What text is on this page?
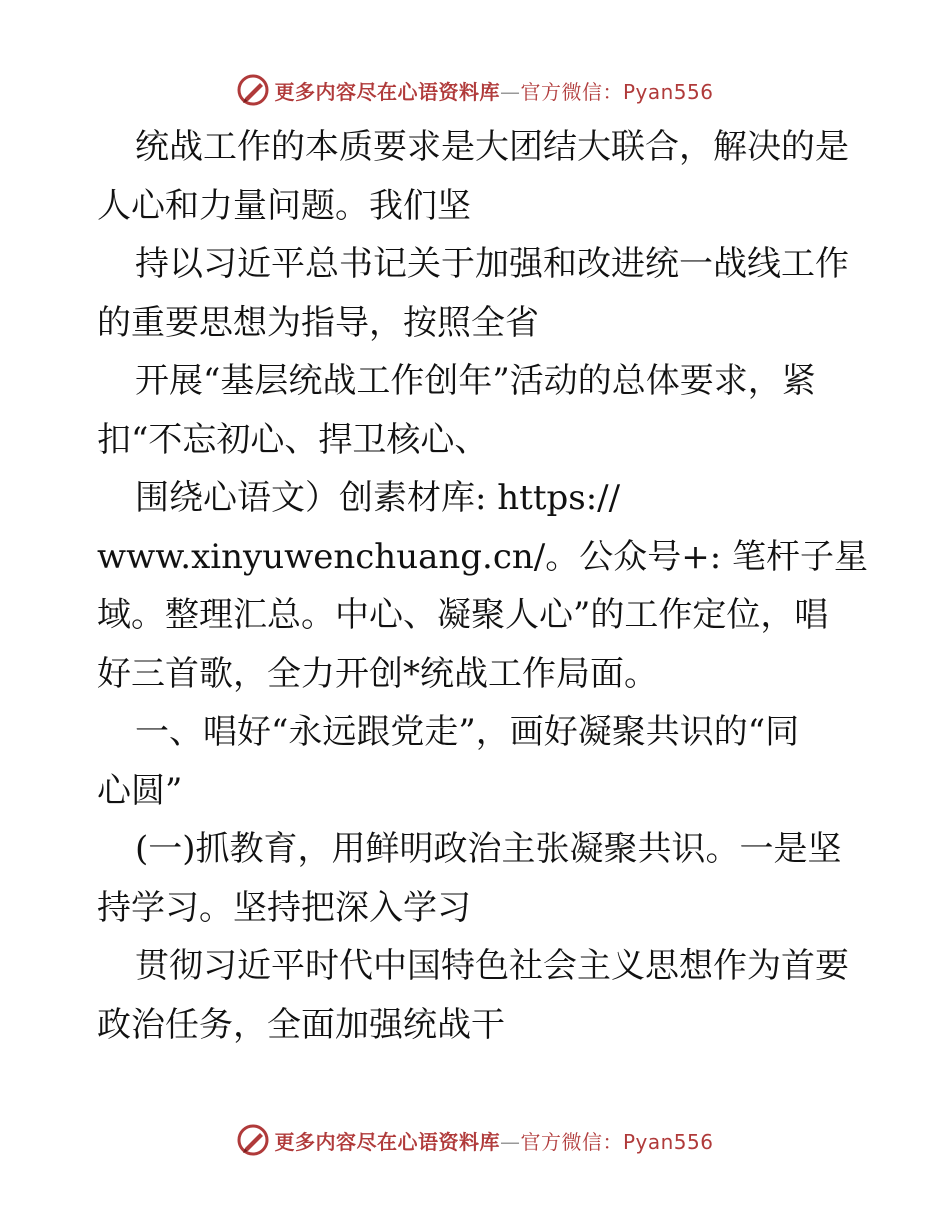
更多内容尽在心语资料库—官方微信：Pyan556
统战工作的本质要求是大团结大联合，解决的是
人心和力量问题。我们坚
持以习近平总书记关于加强和改进统一战线工作
的重要思想为指导，按照全省
开展“基层统战工作创年”活动的总体要求，紧
扣“不忘初心、捍卫核心、
围绕心语文）创素材库: https://
www.xinyuwenchuang.cn/。公众号+: 笔杆子星
域。整理汇总。中心、凝聚人心”的工作定位，唱
好三首歌，全力开创*统战工作局面。
一、唱好“永远跟党走”，画好凝聚共识的“同
心圆”
(一)抓教育，用鲜明政治主张凝聚共识。一是坚
持学习。坚持把深入学习
贯彻习近平时代中国特色社会主义思想作为首要
政治任务，全面加强统战干
更多内容尽在心语资料库—官方微信：Pyan556
